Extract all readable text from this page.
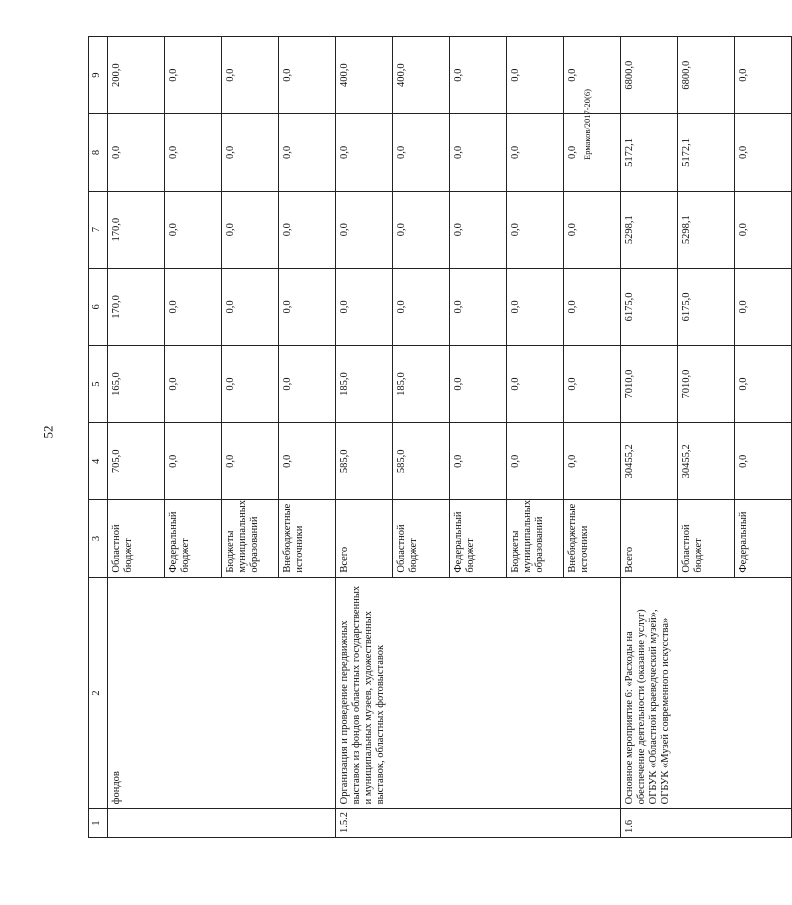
52
Ермаков/2017-20(6)
1	2	3	4	5	6	7	8	9
	фондов	Областной бюджет	705,0	165,0	170,0	170,0	0,0	200,0
		Федеральный бюджет	0,0	0,0	0,0	0,0	0,0	0,0
		Бюджеты муниципальных образований	0,0	0,0	0,0	0,0	0,0	0,0
		Внебюджетные источники	0,0	0,0	0,0	0,0	0,0	0,0
1.5.2	Организация и проведение передвижных выставок из фондов областных государственных и муниципальных музеев, художественных выставок, областных фотовыставок	Всего	585,0	185,0	0,0	0,0	0,0	400,0
		Областной бюджет	585,0	185,0	0,0	0,0	0,0	400,0
		Федеральный бюджет	0,0	0,0	0,0	0,0	0,0	0,0
		Бюджеты муниципальных образований	0,0	0,0	0,0	0,0	0,0	0,0
		Внебюджетные источники	0,0	0,0	0,0	0,0	0,0	0,0
1.6	Основное мероприятие 6: «Расходы на обеспечение деятельности (оказание услуг) ОГБУК «Областной краеведческий музей», ОГБУК «Музей современного искусства»	Всего	30455,2	7010,0	6175,0	5298,1	5172,1	6800,0
		Областной бюджет	30455,2	7010,0	6175,0	5298,1	5172,1	6800,0
		Федеральный	0,0	0,0	0,0	0,0	0,0	0,0
